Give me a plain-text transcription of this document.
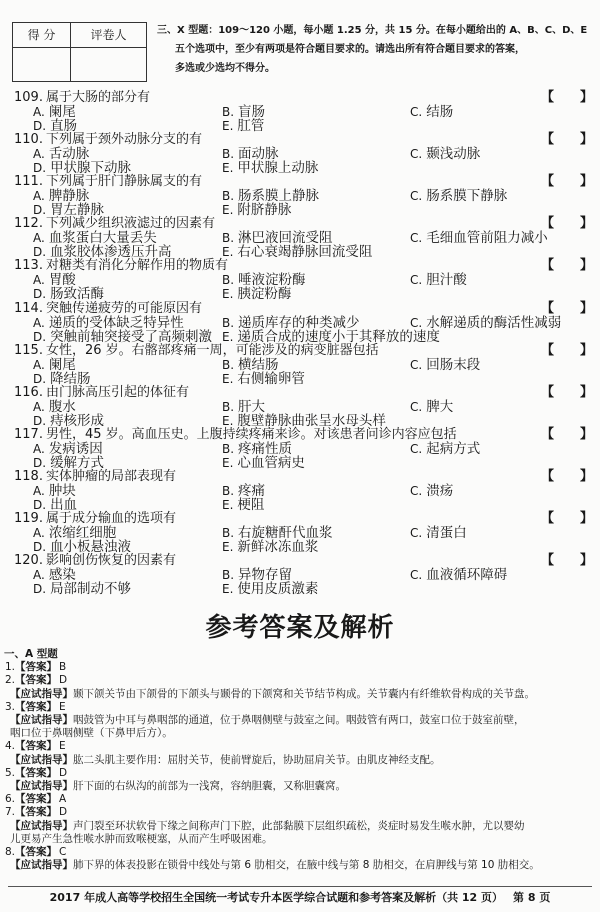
得 分	评卷人	三、X 型题：109～120 小题，每小题 1.25 分，共 15 分。在每小题给出的 A、B、C、D、E
五个选项中，至少有两项是符合题目要求的。请选出所有符合题目要求的答案，
多选或少选均不得分。
109. 属于大肠的部分有	【　　】
A. 阑尾	B. 盲肠	C. 结肠
D. 直肠	E. 肛管
110. 下列属于颈外动脉分支的有	【　　】
A. 舌动脉	B. 面动脉	C. 颞浅动脉
D. 甲状腺下动脉	E. 甲状腺上动脉
111. 下列属于肝门静脉属支的有	【　　】
A. 脾静脉	B. 肠系膜上静脉	C. 肠系膜下静脉
D. 胃左静脉	E. 附脐静脉
112. 下列减少组织液滤过的因素有	【　　】
A. 血浆蛋白大量丢失	B. 淋巴液回流受阻	C. 毛细血管前阻力减小
D. 血浆胶体渗透压升高	E. 右心衰竭静脉回流受阻
113. 对糖类有消化分解作用的物质有	【　　】
A. 胃酸	B. 唾液淀粉酶	C. 胆汁酸
D. 肠致活酶	E. 胰淀粉酶
114. 突触传递疲劳的可能原因有	【　　】
A. 递质的受体缺乏特异性	B. 递质库存的种类减少	C. 水解递质的酶活性减弱
D. 突触前轴突接受了高频刺激 E. 递质合成的速度小于其释放的速度
115. 女性，26 岁。右髂部疼痛一周，可能涉及的病变脏器包括	【　　】
A. 阑尾	B. 横结肠	C. 回肠末段
D. 降结肠	E. 右侧输卵管
116. 由门脉高压引起的体征有	【　　】
A. 腹水	B. 肝大	C. 脾大
D. 痔核形成	E. 腹壁静脉曲张呈水母头样
117. 男性，45 岁。高血压史。上腹持续疼痛来诊。对该患者问诊内容应包括	【　　】
A. 发病诱因	B. 疼痛性质	C. 起病方式
D. 缓解方式	E. 心血管病史
118. 实体肿瘤的局部表现有	【　　】
A. 肿块	B. 疼痛	C. 溃疡
D. 出血	E. 梗阻
119. 属于成分输血的选项有	【　　】
A. 浓缩红细胞	B. 右旋糖酐代血浆	C. 清蛋白
D. 血小板悬浊液	E. 新鲜冰冻血浆
120. 影响创伤恢复的因素有	【　　】
A. 感染	B. 异物存留	C. 血液循环障碍
D. 局部制动不够	E. 使用皮质激素
参考答案及解析
一、A 型题
1.【答案】 B
2.【答案】 D
【应试指导】颞下颌关节由下颌骨的下颌头与颞骨的下颌窝和关节结节构成。关节囊内有纤维软骨构成的关节盘。
3.【答案】 E
【应试指导】咽鼓管为中耳与鼻咽部的通道，位于鼻咽侧壁与鼓室之间。咽鼓管有两口，鼓室口位于鼓室前壁，
咽口位于鼻咽侧壁（下鼻甲后方）。
4.【答案】 E
【应试指导】肱二头肌主要作用：屈肘关节，使前臂旋后，协助屈肩关节。由肌皮神经支配。
5.【答案】 D
【应试指导】肝下面的右纵沟的前部为一浅窝，容纳胆囊，又称胆囊窝。
6.【答案】 A
7.【答案】 D
【应试指导】声门裂至环状软骨下缘之间称声门下腔，此部黏膜下层组织疏松，炎症时易发生喉水肿，尤以婴幼
儿更易产生急性喉水肿而致喉梗塞，从而产生呼吸困难。
8.【答案】 C
【应试指导】肺下界的体表投影在锁骨中线处与第 6 肋相交，在腋中线与第 8 肋相交，在肩胛线与第 10 肋相交。
2017 年成人高等学校招生全国统一考试专升本医学综合试题和参考答案及解析（共 12 页） 第 8 页
